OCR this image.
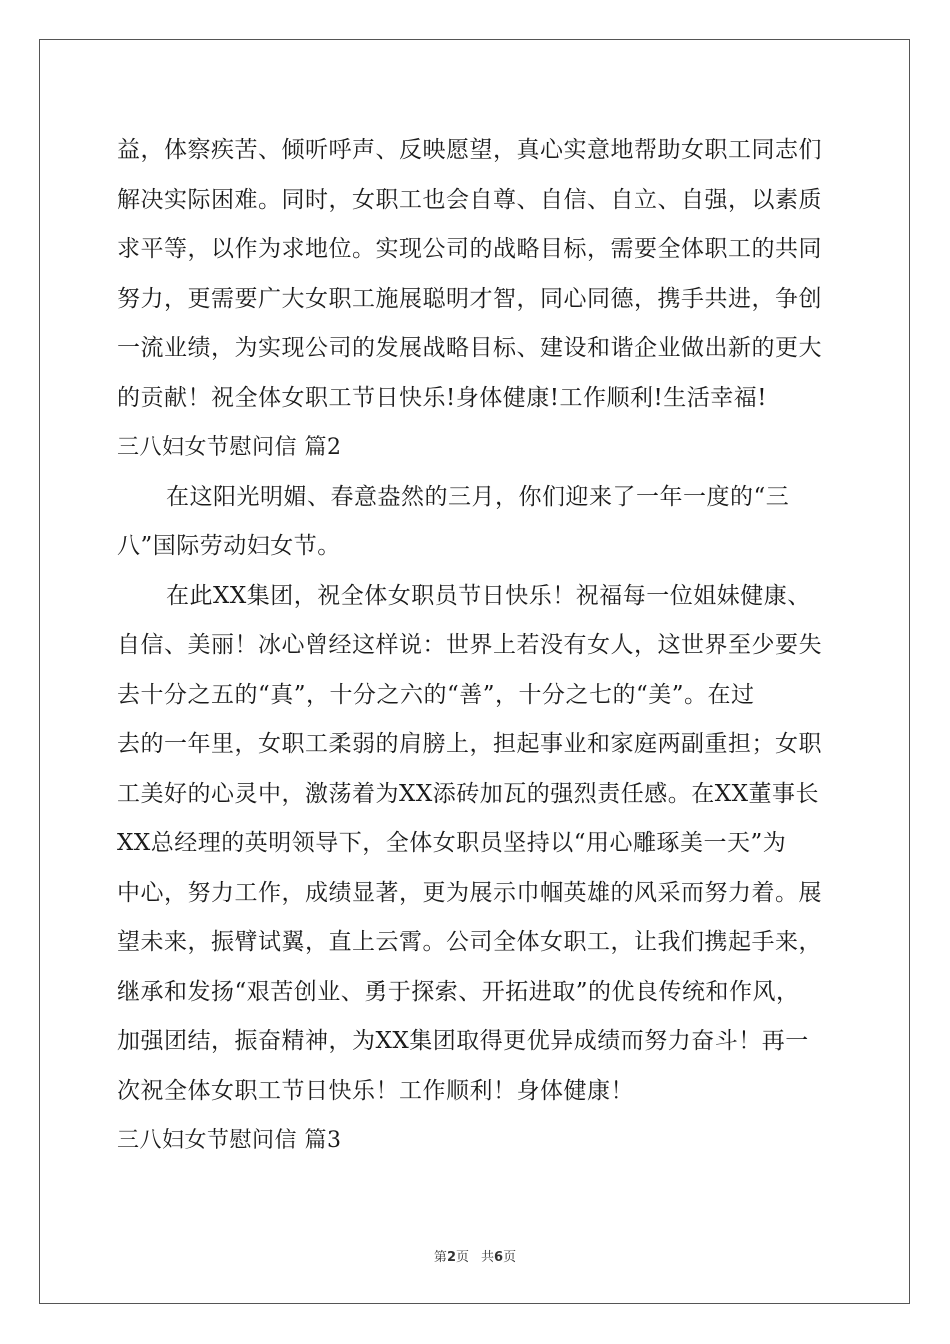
益，体察疾苦、倾听呼声、反映愿望，真心实意地帮助女职工同志们
解决实际困难。同时，女职工也会自尊、自信、自立、自强，以素质
求平等，以作为求地位。实现公司的战略目标，需要全体职工的共同
努力，更需要广大女职工施展聪明才智，同心同德，携手共进，争创
一流业绩，为实现公司的发展战略目标、建设和谐企业做出新的更大
的贡献！祝全体女职工节日快乐!身体健康!工作顺利!生活幸福!
三八妇女节慰问信 篇2
在这阳光明媚、春意盎然的三月，你们迎来了一年一度的“三
八”国际劳动妇女节。
在此XX集团，祝全体女职员节日快乐！祝福每一位姐妹健康、
自信、美丽！冰心曾经这样说：世界上若没有女人，这世界至少要失
去十分之五的“真”，十分之六的“善”，十分之七的“美”。在过
去的一年里，女职工柔弱的肩膀上，担起事业和家庭两副重担；女职
工美好的心灵中，激荡着为XX添砖加瓦的强烈责任感。在XX董事长
XX总经理的英明领导下，全体女职员坚持以“用心雕琢美一天”为
中心，努力工作，成绩显著，更为展示巾帼英雄的风采而努力着。展
望未来，振臂试翼，直上云霄。公司全体女职工，让我们携起手来，
继承和发扬“艰苦创业、勇于探索、开拓进取”的优良传统和作风，
加强团结，振奋精神，为XX集团取得更优异成绩而努力奋斗！再一
次祝全体女职工节日快乐！工作顺利！身体健康！
三八妇女节慰问信 篇3
第2页 共6页
